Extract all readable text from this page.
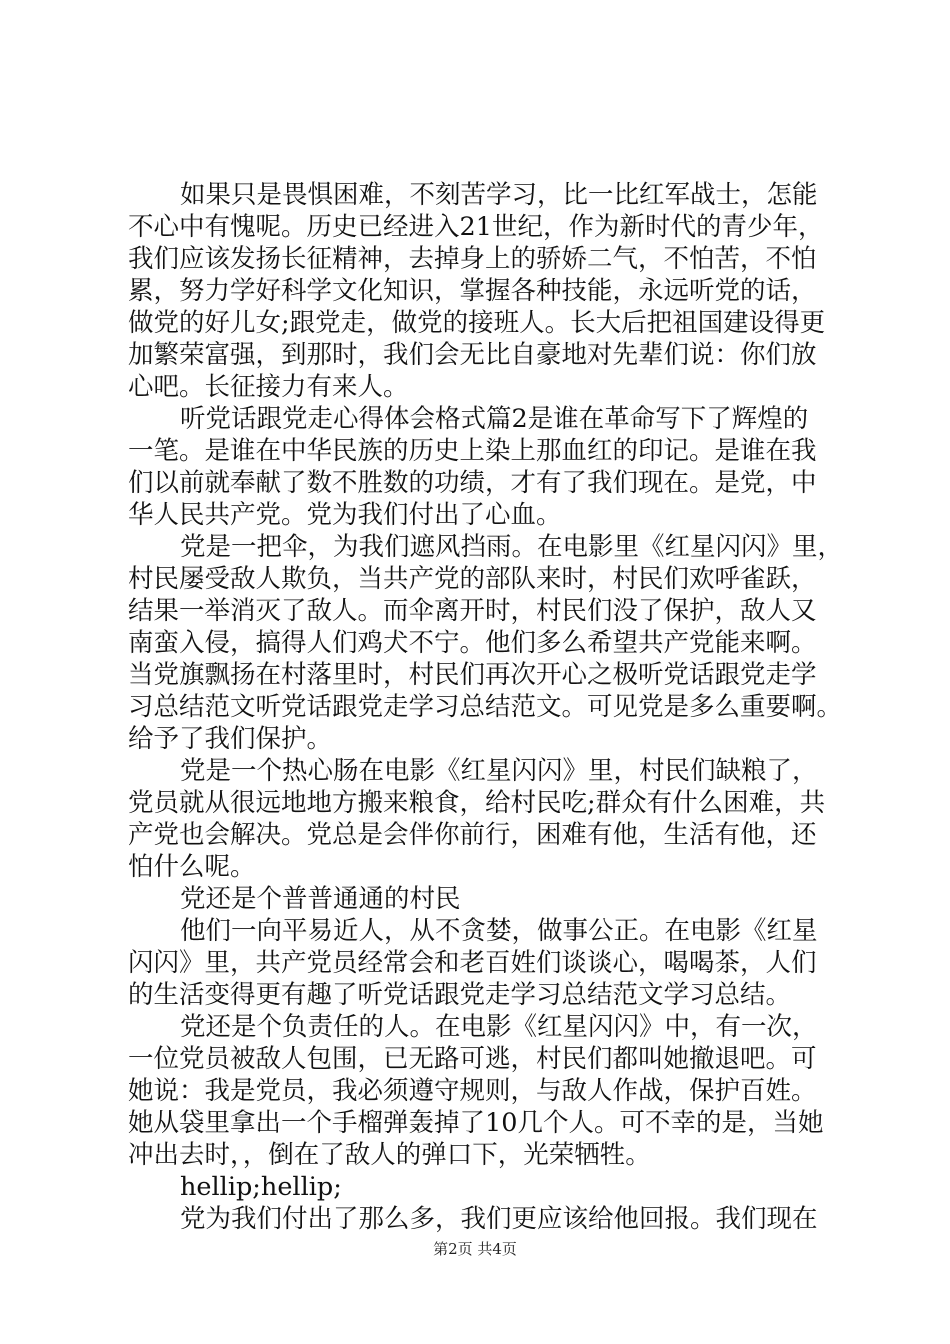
如果只是畏惧困难，不刻苦学习，比一比红军战士，怎能
不心中有愧呢。历史已经进入21世纪，作为新时代的青少年，
我们应该发扬长征精神，去掉身上的骄娇二气，不怕苦，不怕
累，努力学好科学文化知识，掌握各种技能，永远听党的话，
做党的好儿女;跟党走，做党的接班人。长大后把祖国建设得更
加繁荣富强，到那时，我们会无比自豪地对先辈们说：你们放
心吧。长征接力有来人。
听党话跟党走心得体会格式篇2是谁在革命写下了辉煌的
一笔。是谁在中华民族的历史上染上那血红的印记。是谁在我
们以前就奉献了数不胜数的功绩，才有了我们现在。是党，中
华人民共产党。党为我们付出了心血。
党是一把伞，为我们遮风挡雨。在电影里《红星闪闪》里，
村民屡受敌人欺负，当共产党的部队来时，村民们欢呼雀跃，
结果一举消灭了敌人。而伞离开时，村民们没了保护，敌人又
南蛮入侵，搞得人们鸡犬不宁。他们多么希望共产党能来啊。
当党旗飘扬在村落里时，村民们再次开心之极听党话跟党走学
习总结范文听党话跟党走学习总结范文。可见党是多么重要啊。
给予了我们保护。
党是一个热心肠在电影《红星闪闪》里，村民们缺粮了，
党员就从很远地地方搬来粮食，给村民吃;群众有什么困难，共
产党也会解决。党总是会伴你前行，困难有他，生活有他，还
怕什么呢。
党还是个普普通通的村民
他们一向平易近人，从不贪婪，做事公正。在电影《红星
闪闪》里，共产党员经常会和老百姓们谈谈心，喝喝茶，人们
的生活变得更有趣了听党话跟党走学习总结范文学习总结。
党还是个负责任的人。在电影《红星闪闪》中，有一次，
一位党员被敌人包围，已无路可逃，村民们都叫她撤退吧。可
她说：我是党员，我必须遵守规则，与敌人作战，保护百姓。
她从袋里拿出一个手榴弹轰掉了10几个人。可不幸的是，当她
冲出去时，，倒在了敌人的弹口下，光荣牺牲。
hellip;hellip;
党为我们付出了那么多，我们更应该给他回报。我们现在
第2页 共4页
